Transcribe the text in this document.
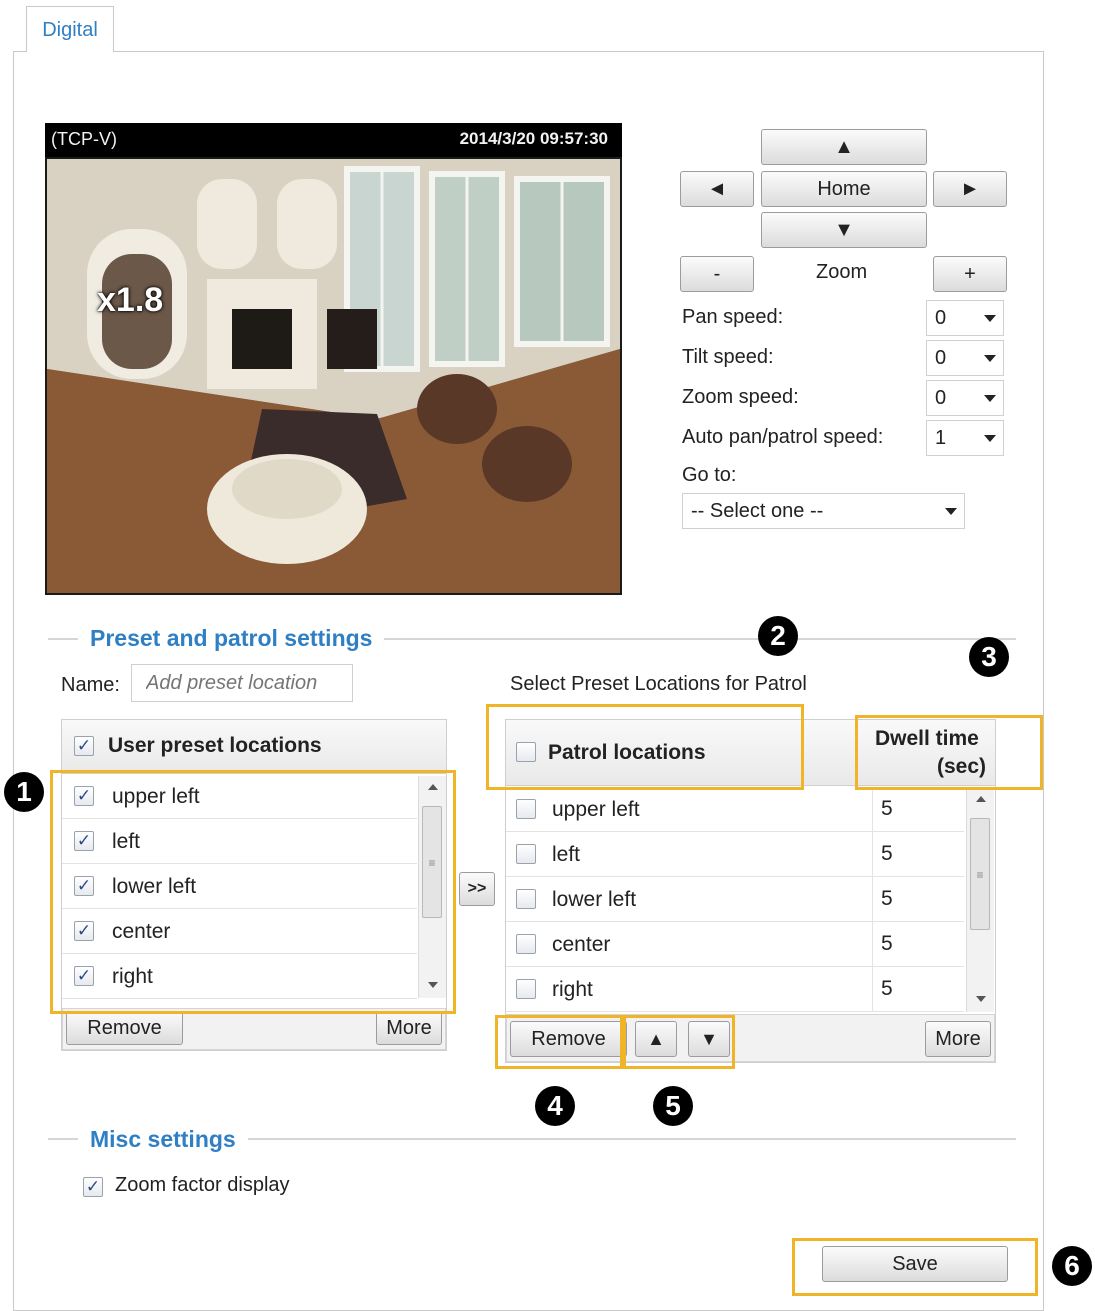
Digital
(TCP-V)	2014/3/20 09:57:30
x1.8
▲
◄	Home	►
▼
-	Zoom	+
Pan speed:	0
Tilt speed:	0
Zoom speed:	0
Auto pan/patrol speed:	1
Go to:
-- Select one --
Preset and patrol settings
Name:
Add preset location	Select Preset Locations for Patrol
✓ User preset locations
✓ upper left
✓ left
✓ lower left
✓ center
✓ right
≡
Remove	More
>>
Patrol locations
Dwell time
(sec)
upper left	5
left	5
lower left	5
center	5
right	5
≡
Remove	▲	▼	More
Misc settings
✓ Zoom factor display
Save
1
2
3
4	5
6
